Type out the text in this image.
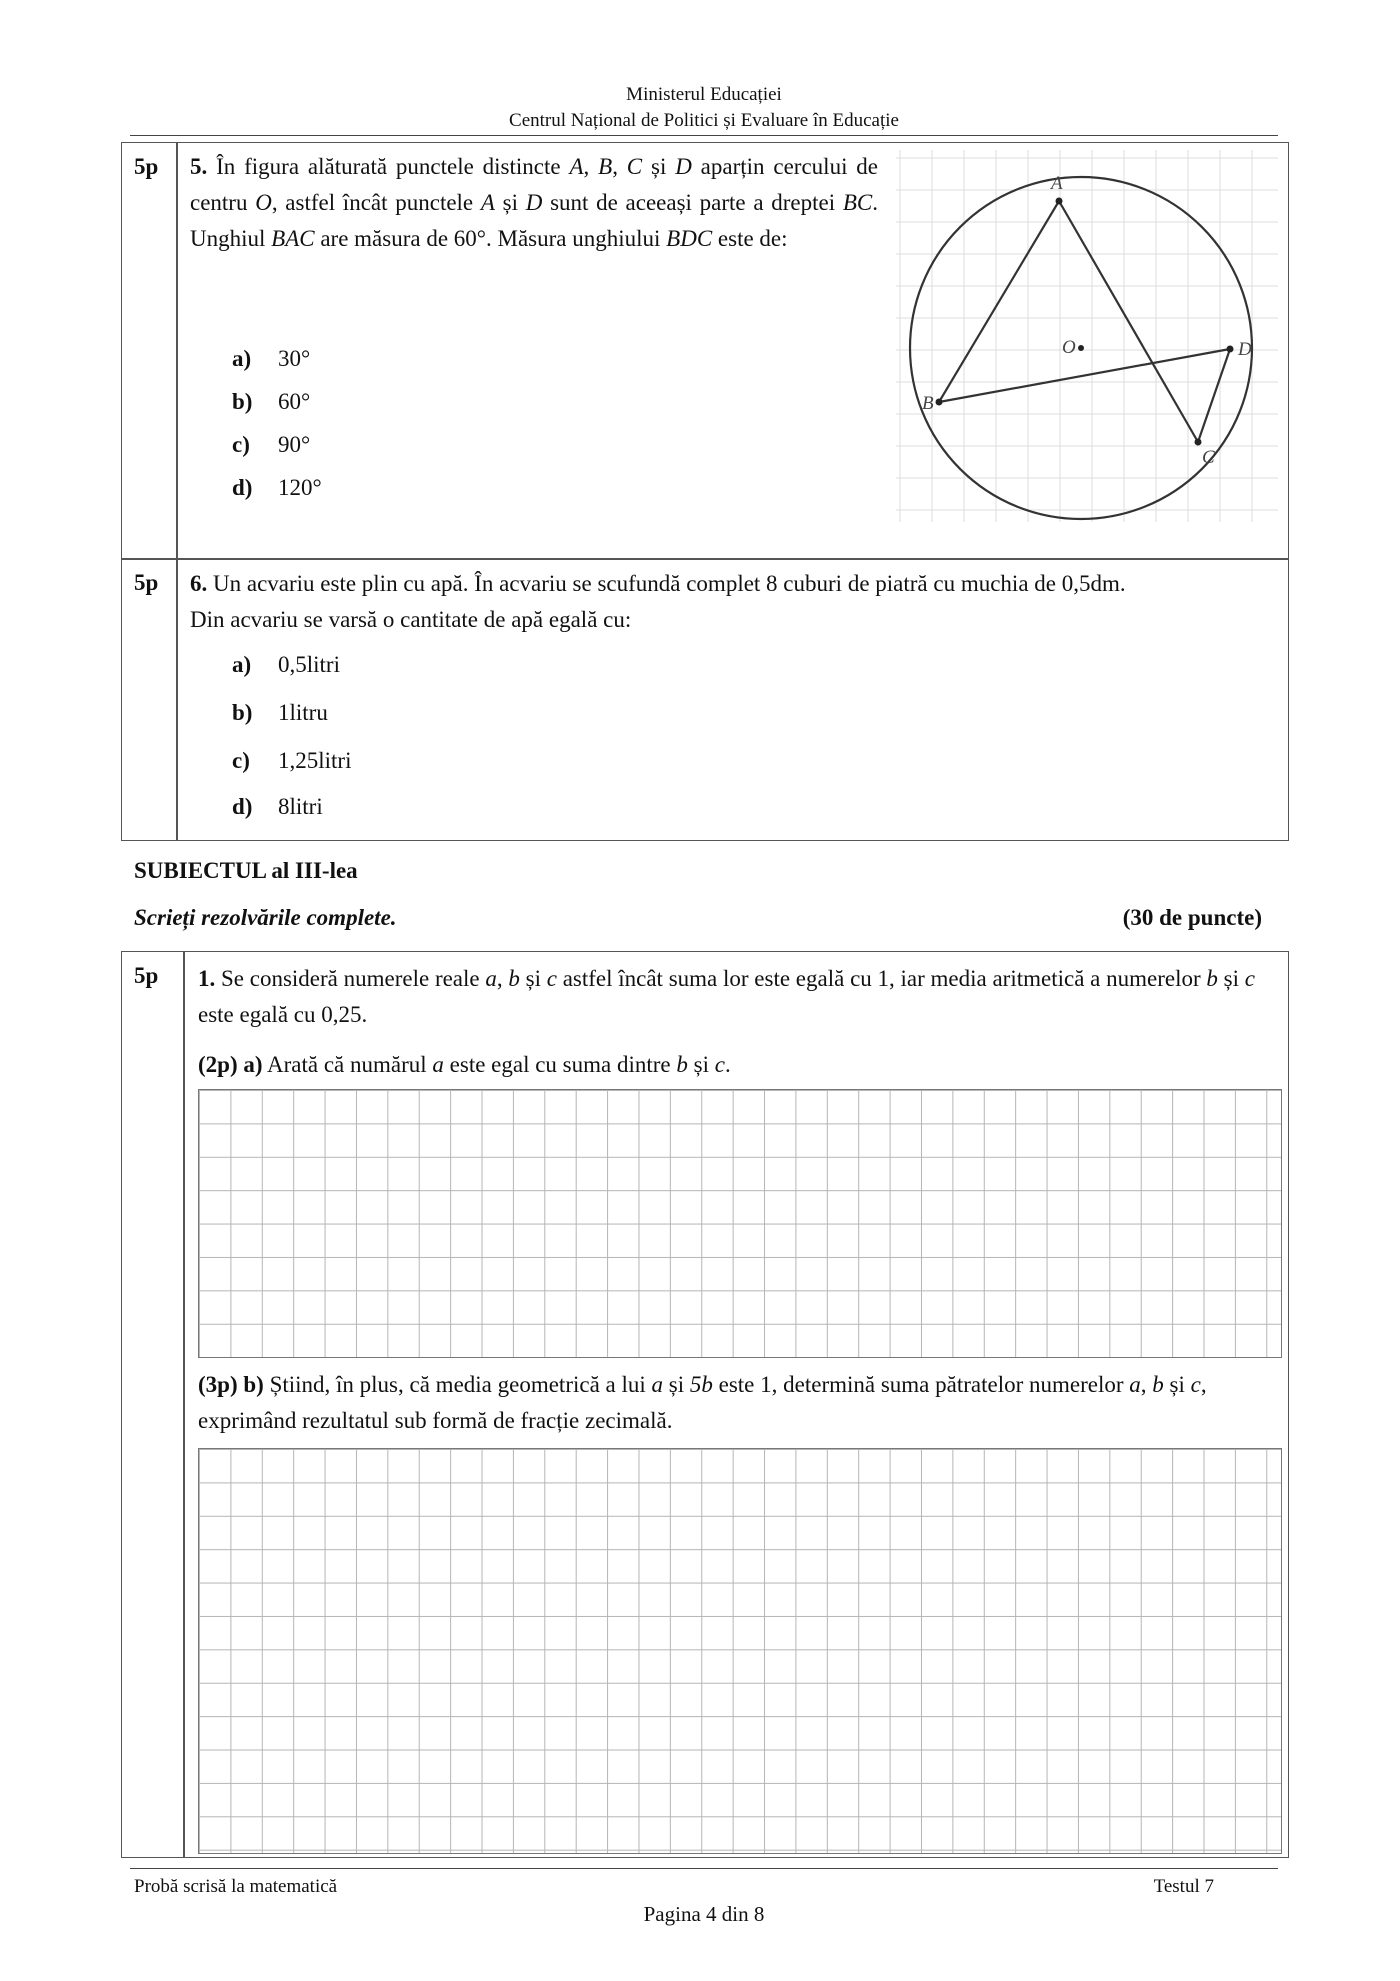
Ministerul Educației
Centrul Național de Politici și Evaluare în Educație
5p 5. În figura alăturată punctele distincte A, B, C și D aparțin cercului de centru O, astfel încât punctele A și D sunt de aceeași parte a dreptei BC. Unghiul BAC are măsura de 60°. Măsura unghiului BDC este de:
a) 30°
b) 60°
c) 90°
d) 120°
A
B
C
D
O
5p 6. Un acvariu este plin cu apă. În acvariu se scufundă complet 8 cuburi de piatră cu muchia de 0,5dm.
Din acvariu se varsă o cantitate de apă egală cu:
a) 0,5litri
b) 1litru
c) 1,25litri
d) 8litri
SUBIECTUL al III-lea
Scrieți rezolvările complete.	(30 de puncte)
5p 1. Se consideră numerele reale a, b și c astfel încât suma lor este egală cu 1, iar media aritmetică a numerelor b și c este egală cu 0,25.
(2p) a) Arată că numărul a este egal cu suma dintre b și c.
(3p) b) Știind, în plus, că media geometrică a lui a și 5b este 1, determină suma pătratelor numerelor a, b și c, exprimând rezultatul sub formă de fracție zecimală.
Probă scrisă la matematică	Testul 7
Pagina 4 din 8
